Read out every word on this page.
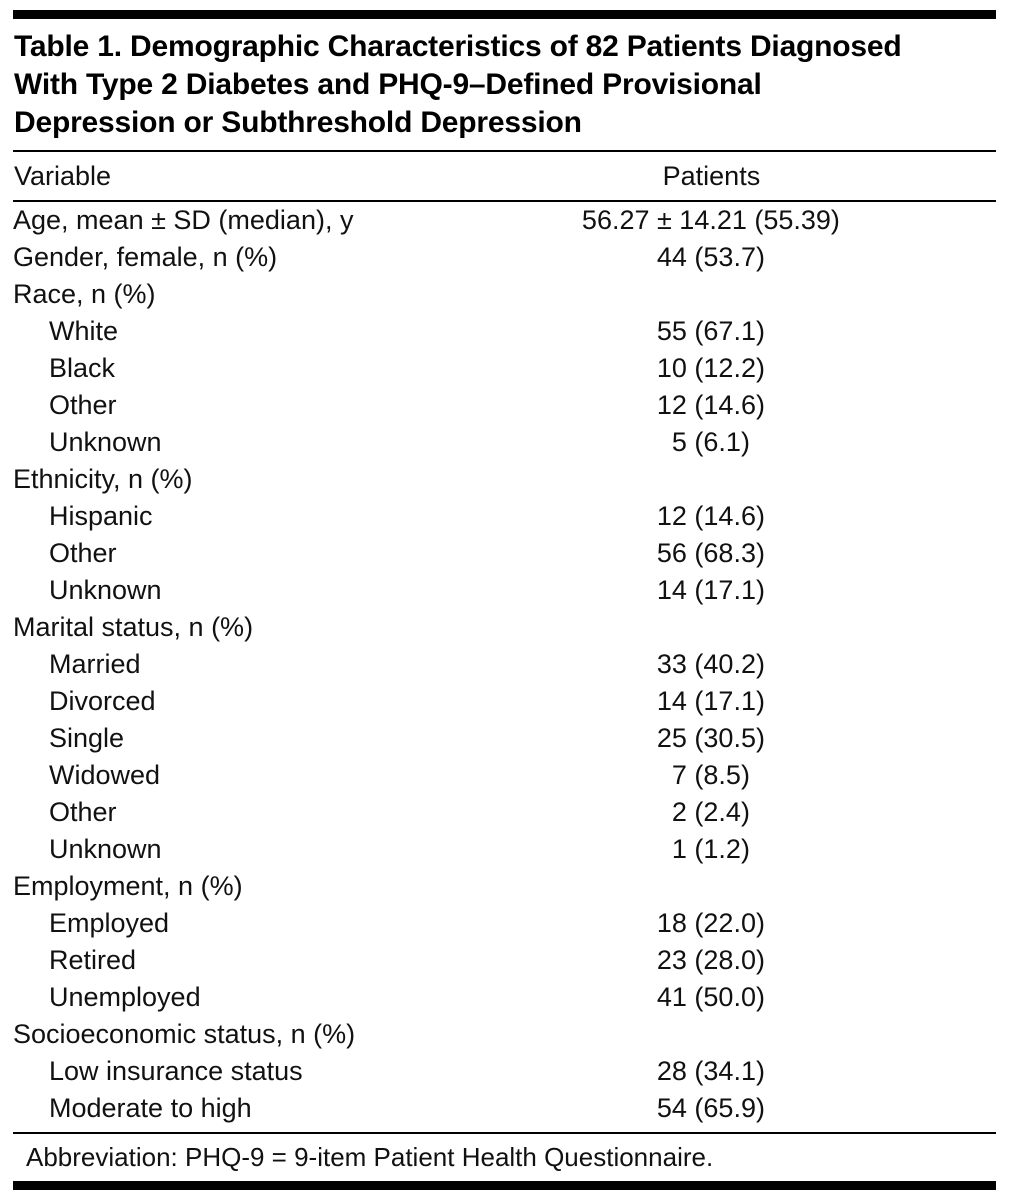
Table 1. Demographic Characteristics of 82 Patients Diagnosed With Type 2 Diabetes and PHQ-9–Defined Provisional Depression or Subthreshold Depression
Variable	Patients
Age, mean ± SD (median), y	56.27 ± 14.21 (55.39)
Gender, female, n (%)	44 (53.7)
Race, n (%)	
White	55 (67.1)
Black	10 (12.2)
Other	12 (14.6)
Unknown	5 (6.1)
Ethnicity, n (%)	
Hispanic	12 (14.6)
Other	56 (68.3)
Unknown	14 (17.1)
Marital status, n (%)	
Married	33 (40.2)
Divorced	14 (17.1)
Single	25 (30.5)
Widowed	7 (8.5)
Other	2 (2.4)
Unknown	1 (1.2)
Employment, n (%)	
Employed	18 (22.0)
Retired	23 (28.0)
Unemployed	41 (50.0)
Socioeconomic status, n (%)	
Low insurance status	28 (34.1)
Moderate to high	54 (65.9)

Abbreviation: PHQ-9 = 9-item Patient Health Questionnaire.
